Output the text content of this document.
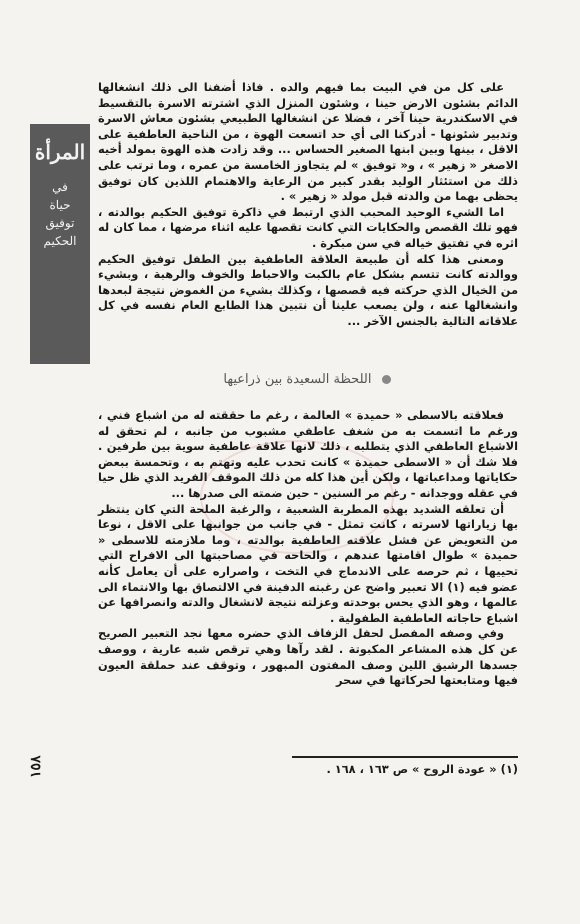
المرأة
في
حياة
توفيق
الحكيم

على كل من في البيت بما فيهم والده . فاذا أضفنا الى ذلك انشغالها الدائم بشئون الارض حينا ، وشئون المنزل الذي اشترته الاسرة بالتقسيط في الاسكندرية حينا آخر ، فضلا عن انشغالها الطبيعي بشئون معاش الاسرة وتدبير شئونها - أدركنا الى أي حد اتسعت الهوة ، من الناحية العاطفية على الاقل ، بينها وبين ابنها الصغير الحساس ... وقد زادت هذه الهوة بمولد أخيه الاصغر « زهير » ، و« توفيق » لم يتجاوز الخامسة من عمره ، وما ترتب على ذلك من استئثار الوليد بقدر كبير من الرعاية والاهتمام اللذين كان توفيق يحظى بهما من والدته قبل مولد « زهير » .

اما الشيء الوحيد المحبب الذي ارتبط في ذاكرة توفيق الحكيم بوالدته ، فهو تلك القصص والحكايات التي كانت تقصها عليه اثناء مرضها ، مما كان له اثره في تفتيق خياله في سن مبكرة .

ومعنى هذا كله أن طبيعة العلاقة العاطفية بين الطفل توفيق الحكيم ووالدته كانت تتسم بشكل عام بالكبت والاحباط والخوف والرهبة ، وبشيء من الخيال الذي حركته فيه قصصها ، وكذلك بشيء من الغموض نتيجة لبعدها وانشغالها عنه ، ولن يصعب علينا أن نتبين هذا الطابع العام نفسه في كل علاقاته التالية بالجنس الآخر ...

اللحظة السعيدة بين ذراعيها

فعلاقته بالاسطى « حميدة » العالمة ، رغم ما حققته له من اشباع فني ، ورغم ما اتسمت به من شغف عاطفي مشبوب من جانبه ، لم تحقق له الاشباع العاطفي الذي يتطلبه ، ذلك لانها علاقة عاطفية سوية بين طرفين . فلا شك أن « الاسطى حميدة » كانت تحدب عليه وتهتم به ، وتحمسة ببعض حكاياتها ومداعباتها ، ولكن أين هذا كله من ذلك الموقف الفريد الذي ظل حيا في عقله ووجدانه - رغم مر السنين - حين ضمته الى صدرها ...

أن تعلقه الشديد بهذه المطربة الشعبية ، والرغبة الملحة التي كان ينتظر بها زياراتها لاسرته ، كانت تمثل - في جانب من جوانبها على الاقل ، نوعا من التعويض عن فشل علاقته العاطفية بوالدته ، وما ملازمته للاسطى « حميدة » طوال اقامتها عندهم ، والحاحه في مصاحبتها الى الافراح التي تحييها ، ثم حرصه على الاندماج في التخت ، واصراره على أن يعامل كأنه عضو فيه (١) الا تعبير واضح عن رغبته الدفينة في الالتصاق بها والانتماء الى عالمها ، وهو الذي يحس بوحدته وعزلته نتيجة لانشغال والدته وانصرافها عن اشباع حاجاته العاطفية الطفولية .

وفي وصفه المفصل لحفل الزفاف الذي حضره معها نجد التعبير الصريح عن كل هذه المشاعر المكبوتة . لقد رآها وهي ترقص شبه عارية ، ووصف جسدها الرشيق اللين وصف المفتون المبهور ، وتوقف عند حملقة العيون فيها ومتابعتها لحركاتها في سحر

(١) « عودة الروح » ص ١٦٣ ، ١٦٨ .
١٥٨
